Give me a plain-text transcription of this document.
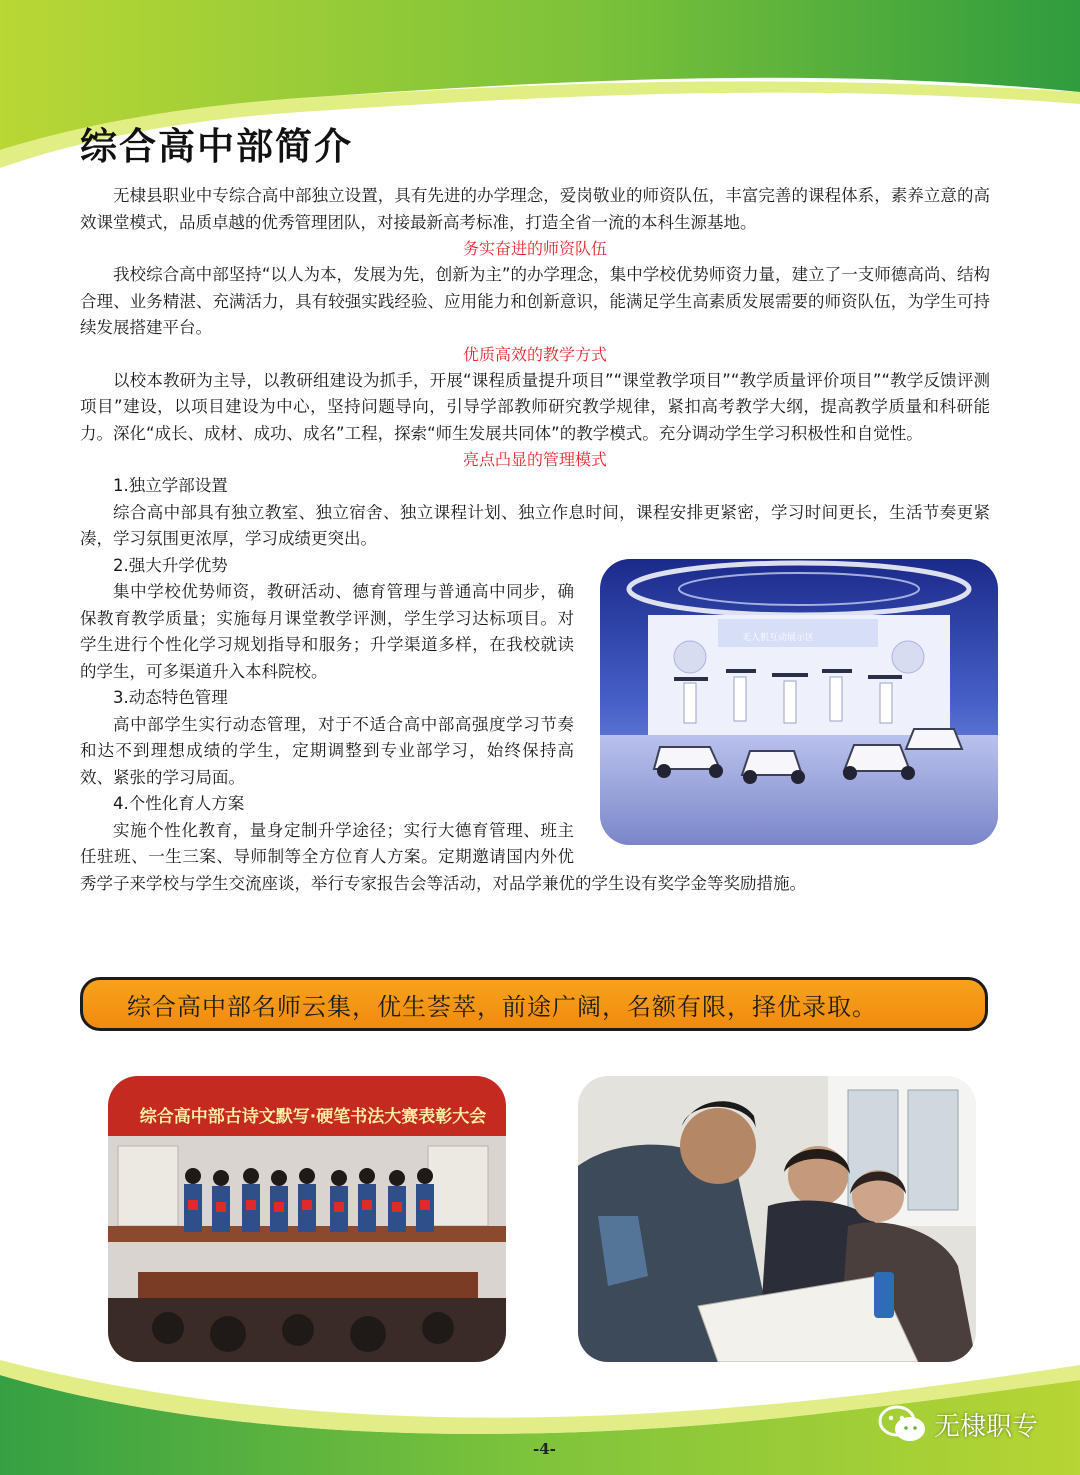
综合高中部简介

无棣县职业中专综合高中部独立设置，具有先进的办学理念，爱岗敬业的师资队伍，丰富完善的课程体系，素养立意的高效课堂模式，品质卓越的优秀管理团队，对接最新高考标准，打造全省一流的本科生源基地。

务实奋进的师资队伍

我校综合高中部坚持“以人为本，发展为先，创新为主”的办学理念，集中学校优势师资力量，建立了一支师德高尚、结构合理、业务精湛、充满活力，具有较强实践经验、应用能力和创新意识，能满足学生高素质发展需要的师资队伍，为学生可持续发展搭建平台。

优质高效的教学方式

以校本教研为主导，以教研组建设为抓手，开展“课程质量提升项目”“课堂教学项目”“教学质量评价项目”“教学反馈评测项目”建设，以项目建设为中心，坚持问题导向，引导学部教师研究教学规律，紧扣高考教学大纲，提高教学质量和科研能力。深化“成长、成材、成功、成名”工程，探索“师生发展共同体”的教学模式。充分调动学生学习积极性和自觉性。

亮点凸显的管理模式

1.独立学部设置

综合高中部具有独立教室、独立宿舍、独立课程计划、独立作息时间，课程安排更紧密，学习时间更长，生活节奏更紧凑，学习氛围更浓厚，学习成绩更突出。

无人机互动展示区

2.强大升学优势

集中学校优势师资，教研活动、德育管理与普通高中同步，确保教育教学质量；实施每月课堂教学评测，学生学习达标项目。对学生进行个性化学习规划指导和服务；升学渠道多样，在我校就读的学生，可多渠道升入本科院校。

3.动态特色管理

高中部学生实行动态管理，对于不适合高中部高强度学习节奏和达不到理想成绩的学生，定期调整到专业部学习，始终保持高效、紧张的学习局面。

4.个性化育人方案

实施个性化教育，量身定制升学途径；实行大德育管理、班主任驻班、一生三案、导师制等全方位育人方案。定期邀请国内外优秀学子来学校与学生交流座谈，举行专家报告会等活动，对品学兼优的学生设有奖学金等奖励措施。

综合高中部名师云集，优生荟萃，前途广阔，名额有限，择优录取。
综合高中部古诗文默写·硬笔书法大赛表彰大会
-4-
无棣职专
